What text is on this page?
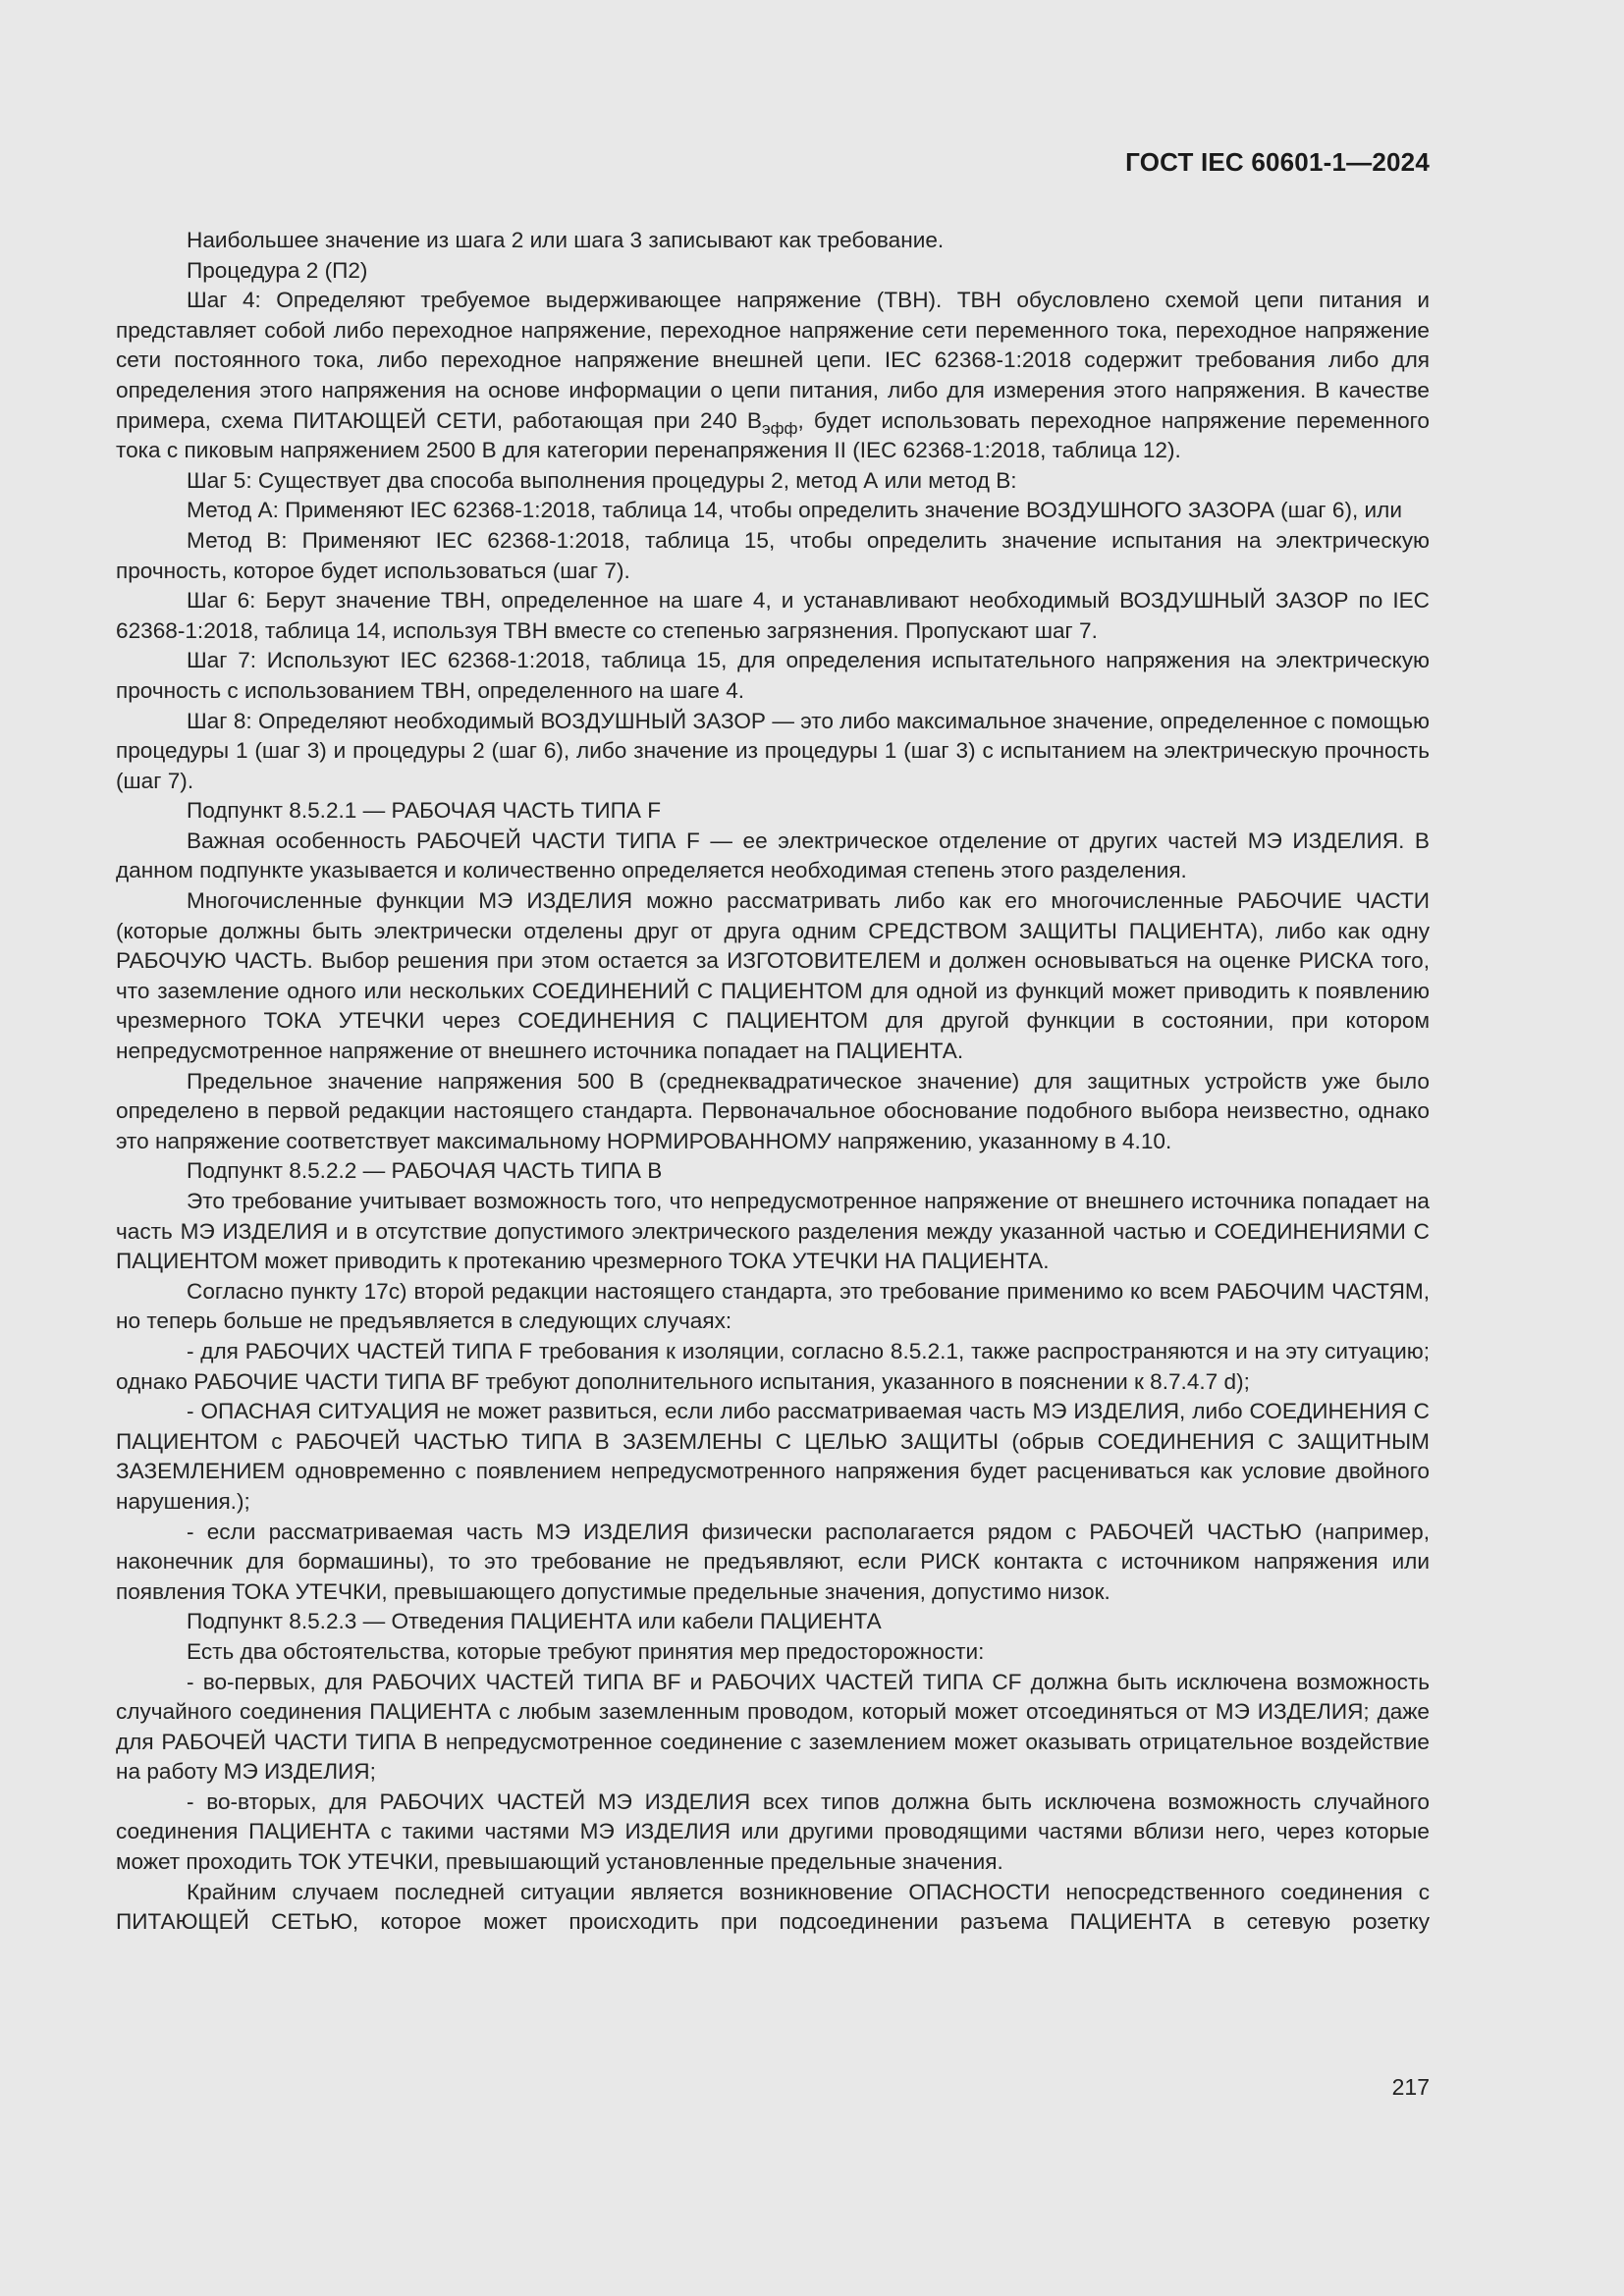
ГОСТ IEC 60601-1—2024

Наибольшее значение из шага 2 или шага 3 записывают как требование.

Процедура 2 (П2)

Шаг 4: Определяют требуемое выдерживающее напряжение (ТВН). ТВН обусловлено схемой цепи питания и представляет собой либо переходное напряжение, переходное напряжение сети переменного тока, переходное напряжение сети постоянного тока, либо переходное напряжение внешней цепи. IEC 62368-1:2018 содержит требования либо для определения этого напряжения на основе информации о цепи питания, либо для измерения этого напряжения. В качестве примера, схема ПИТАЮЩЕЙ СЕТИ, работающая при 240 $В_{эфф}$, будет использовать переходное напряжение переменного тока с пиковым напряжением 2500 В для категории перенапряжения II (IEC 62368-1:2018, таблица 12).

Шаг 5: Существует два способа выполнения процедуры 2, метод А или метод В:

Метод А: Применяют IEC 62368-1:2018, таблица 14, чтобы определить значение ВОЗДУШНОГО ЗАЗОРА (шаг 6), или

Метод В: Применяют IEC 62368-1:2018, таблица 15, чтобы определить значение испытания на электрическую прочность, которое будет использоваться (шаг 7).

Шаг 6: Берут значение ТВН, определенное на шаге 4, и устанавливают необходимый ВОЗДУШНЫЙ ЗАЗОР по IEC 62368-1:2018, таблица 14, используя ТВН вместе со степенью загрязнения. Пропускают шаг 7.

Шаг 7: Используют IEC 62368-1:2018, таблица 15, для определения испытательного напряжения на электрическую прочность с использованием ТВН, определенного на шаге 4.

Шаг 8: Определяют необходимый ВОЗДУШНЫЙ ЗАЗОР — это либо максимальное значение, определенное с помощью процедуры 1 (шаг 3) и процедуры 2 (шаг 6), либо значение из процедуры 1 (шаг 3) с испытанием на электрическую прочность (шаг 7).

Подпункт 8.5.2.1 — РАБОЧАЯ ЧАСТЬ ТИПА F

Важная особенность РАБОЧЕЙ ЧАСТИ ТИПА F — ее электрическое отделение от других частей МЭ ИЗДЕЛИЯ. В данном подпункте указывается и количественно определяется необходимая степень этого разделения.

Многочисленные функции МЭ ИЗДЕЛИЯ можно рассматривать либо как его многочисленные РАБОЧИЕ ЧАСТИ (которые должны быть электрически отделены друг от друга одним СРЕДСТВОМ ЗАЩИТЫ ПАЦИЕНТА), либо как одну РАБОЧУЮ ЧАСТЬ. Выбор решения при этом остается за ИЗГОТОВИТЕЛЕМ и должен основываться на оценке РИСКА того, что заземление одного или нескольких СОЕДИНЕНИЙ С ПАЦИЕНТОМ для одной из функций может приводить к появлению чрезмерного ТОКА УТЕЧКИ через СОЕДИНЕНИЯ С ПАЦИЕНТОМ для другой функции в состоянии, при котором непредусмотренное напряжение от внешнего источника попадает на ПАЦИЕНТА.

Предельное значение напряжения 500 В (среднеквадратическое значение) для защитных устройств уже было определено в первой редакции настоящего стандарта. Первоначальное обоснование подобного выбора неизвестно, однако это напряжение соответствует максимальному НОРМИРОВАННОМУ напряжению, указанному в 4.10.

Подпункт 8.5.2.2 — РАБОЧАЯ ЧАСТЬ ТИПА В

Это требование учитывает возможность того, что непредусмотренное напряжение от внешнего источника попадает на часть МЭ ИЗДЕЛИЯ и в отсутствие допустимого электрического разделения между указанной частью и СОЕДИНЕНИЯМИ С ПАЦИЕНТОМ может приводить к протеканию чрезмерного ТОКА УТЕЧКИ НА ПАЦИЕНТА.

Согласно пункту 17с) второй редакции настоящего стандарта, это требование применимо ко всем РАБОЧИМ ЧАСТЯМ, но теперь больше не предъявляется в следующих случаях:

- для РАБОЧИХ ЧАСТЕЙ ТИПА F требования к изоляции, согласно 8.5.2.1, также распространяются и на эту ситуацию; однако РАБОЧИЕ ЧАСТИ ТИПА BF требуют дополнительного испытания, указанного в пояснении к 8.7.4.7 d);

- ОПАСНАЯ СИТУАЦИЯ не может развиться, если либо рассматриваемая часть МЭ ИЗДЕЛИЯ, либо СОЕДИНЕНИЯ С ПАЦИЕНТОМ с РАБОЧЕЙ ЧАСТЬЮ ТИПА В ЗАЗЕМЛЕНЫ С ЦЕЛЬЮ ЗАЩИТЫ (обрыв СОЕДИНЕНИЯ С ЗАЩИТНЫМ ЗАЗЕМЛЕНИЕМ одновременно с появлением непредусмотренного напряжения будет расцениваться как условие двойного нарушения.);

- если рассматриваемая часть МЭ ИЗДЕЛИЯ физически располагается рядом с РАБОЧЕЙ ЧАСТЬЮ (например, наконечник для бормашины), то это требование не предъявляют, если РИСК контакта с источником напряжения или появления ТОКА УТЕЧКИ, превышающего допустимые предельные значения, допустимо низок.

Подпункт 8.5.2.3 — Отведения ПАЦИЕНТА или кабели ПАЦИЕНТА

Есть два обстоятельства, которые требуют принятия мер предосторожности:

- во-первых, для РАБОЧИХ ЧАСТЕЙ ТИПА BF и РАБОЧИХ ЧАСТЕЙ ТИПА CF должна быть исключена возможность случайного соединения ПАЦИЕНТА с любым заземленным проводом, который может отсоединяться от МЭ ИЗДЕЛИЯ; даже для РАБОЧЕЙ ЧАСТИ ТИПА В непредусмотренное соединение с заземлением может оказывать отрицательное воздействие на работу МЭ ИЗДЕЛИЯ;

- во-вторых, для РАБОЧИХ ЧАСТЕЙ МЭ ИЗДЕЛИЯ всех типов должна быть исключена возможность случайного соединения ПАЦИЕНТА с такими частями МЭ ИЗДЕЛИЯ или другими проводящими частями вблизи него, через которые может проходить ТОК УТЕЧКИ, превышающий установленные предельные значения.

Крайним случаем последней ситуации является возникновение ОПАСНОСТИ непосредственного соединения с ПИТАЮЩЕЙ СЕТЬЮ, которое может происходить при подсоединении разъема ПАЦИЕНТА в сетевую розетку

217
